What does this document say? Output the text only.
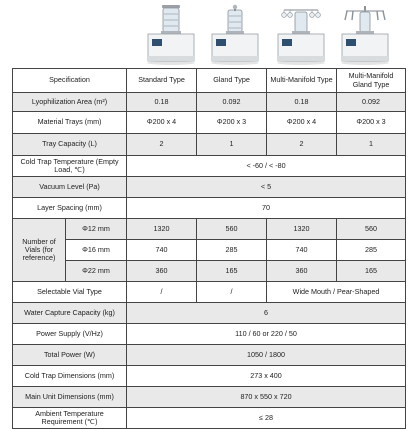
Specification		Standard Type	Gland Type	Multi-Manifold Type	Multi-Manifold Gland Type
Lyophilization Area (m²)		0.18	0.092	0.18	0.092
Material Trays (mm)		Φ200 x 4	Φ200 x 3	Φ200 x 4	Φ200 x 3
Tray Capacity (L)		2	1	2	1
Cold Trap Temperature (Empty Load, ℃)		< -60 / < -80			
Vacuum Level (Pa)		< 5			
Layer Spacing (mm)		70			
Number of Vials (for reference)	Φ12 mm	1320	560	1320	560
	Φ16 mm	740	285	740	285
	Φ22 mm	360	165	360	165
Selectable Vial Type		/	/	Wide Mouth / Pear-Shaped	
Water Capture Capacity (kg)		6			
Power Supply (V/Hz)		110 / 60 or 220 / 50			
Total Power (W)		1050 / 1800			
Cold Trap Dimensions (mm)		273 x 400			
Main Unit Dimensions (mm)		870 x 550 x 720			
Ambient Temperature Requirement (℃)		≤ 28			
